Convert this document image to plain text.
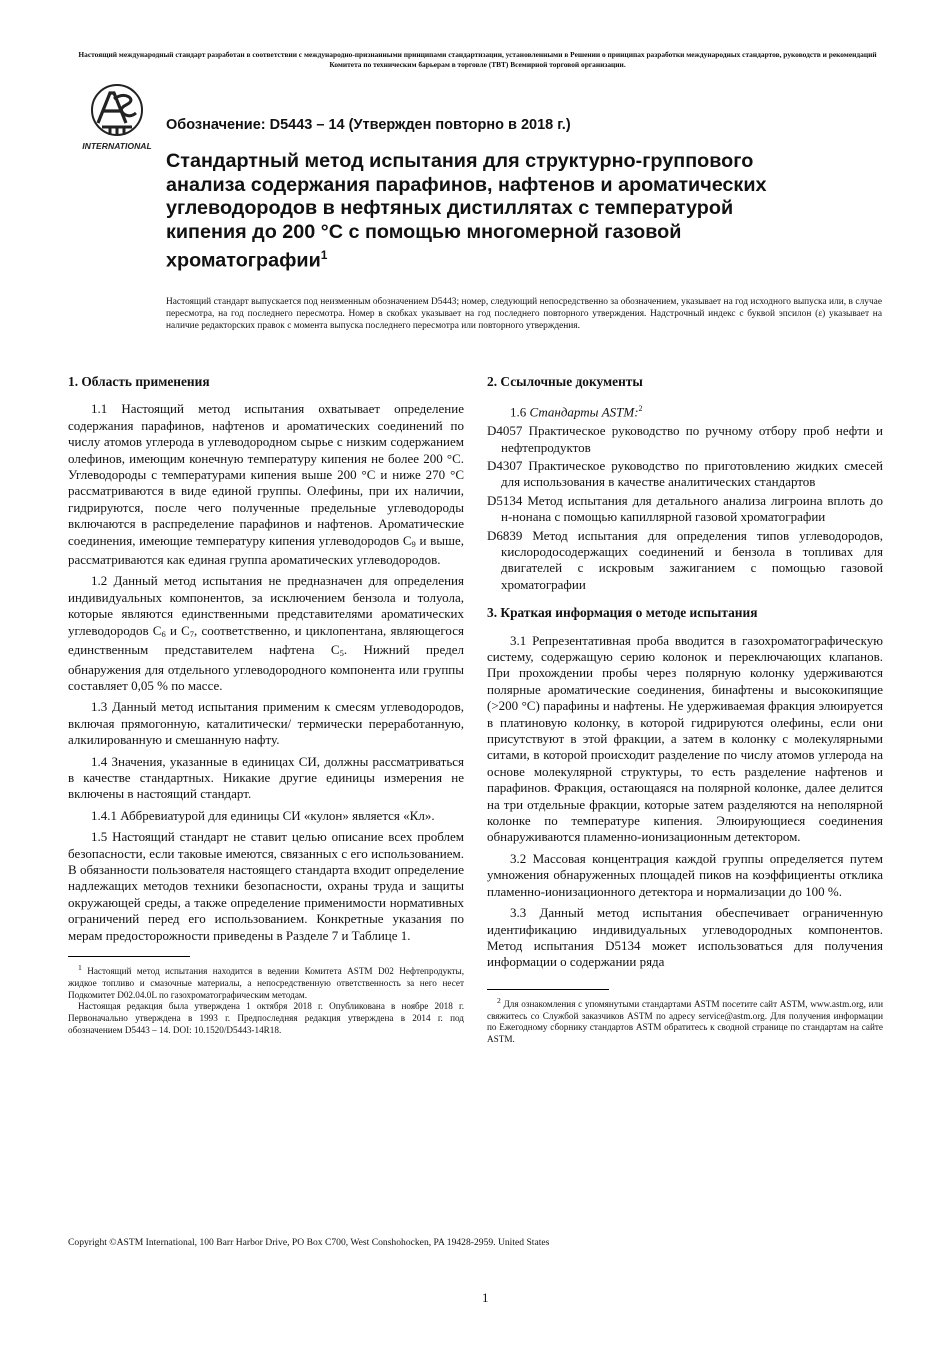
Настоящий международный стандарт разработан в соответствии с международно-признанными принципами стандартизации, установленными в Решении о принципах разработки международных стандартов, руководств и рекомендаций Комитета по техническим барьерам в торговле (ТВТ) Всемирной торговой организации.
INTERNATIONAL
Обозначение: D5443 – 14 (Утвержден повторно в 2018 г.)
Стандартный метод испытания для структурно-группового анализа содержания парафинов, нафтенов и ароматических углеводородов в нефтяных дистиллятах с температурой кипения до 200 °С с помощью многомерной газовой хроматографии$^1$
Настоящий стандарт выпускается под неизменным обозначением D5443; номер, следующий непосредственно за обозначением, указывает на год исходного выпуска или, в случае пересмотра, на год последнего пересмотра. Номер в скобках указывает на год последнего повторного утверждения. Надстрочный индекс с буквой эпсилон (ε) указывает на наличие редакторских правок с момента выпуска последнего пересмотра или повторного утверждения.
1. Область применения

1.1 Настоящий метод испытания охватывает определение содержания парафинов, нафтенов и ароматических соединений по числу атомов углерода в углеводородном сырье с низким содержанием олефинов, имеющим конечную температуру кипения не более 200 °С. Углеводороды с температурами кипения выше 200 °С и ниже 270 °С рассматриваются в виде единой группы. Олефины, при их наличии, гидрируются, после чего полученные предельные углеводороды включаются в распределение парафинов и нафтенов. Ароматические соединения, имеющие температуру кипения углеводородов $С_9$ и выше, рассматриваются как единая группа ароматических углеводородов.

1.2 Данный метод испытания не предназначен для определения индивидуальных компонентов, за исключением бензола и толуола, которые являются единственными представителями ароматических углеводородов $С_6$ и $С_7$, соответственно, и циклопентана, являющегося единственным представителем нафтена $С_5$. Нижний предел обнаружения для отдельного углеводородного компонента или группы составляет 0,05 % по массе.

1.3 Данный метод испытания применим к смесям углеводородов, включая прямогонную, каталитически/ термически переработанную, алкилированную и смешанную нафту.

1.4 Значения, указанные в единицах СИ, должны рассматриваться в качестве стандартных. Никакие другие единицы измерения не включены в настоящий стандарт.

1.4.1 Аббревиатурой для единицы СИ «кулон» является «Кл».

1.5 Настоящий стандарт не ставит целью описание всех проблем безопасности, если таковые имеются, связанных с его использованием. В обязанности пользователя настоящего стандарта входит определение надлежащих методов техники безопасности, охраны труда и защиты окружающей среды, а также определение применимости нормативных ограничений перед его использованием. Конкретные указания по мерам предосторожности приведены в Разделе 7 и Таблице 1.

$^1$ Настоящий метод испытания находится в ведении Комитета ASTM D02 Нефтепродукты, жидкое топливо и смазочные материалы, а непосредственную ответственность за него несет Подкомитет D02.04.0L по газохроматографическим методам.

Настоящая редакция была утверждена 1 октября 2018 г. Опубликована в ноябре 2018 г. Первоначально утверждена в 1993 г. Предпоследняя редакция утверждена в 2014 г. под обозначением D5443 – 14. DOI: 10.1520/D5443-14R18.

2. Ссылочные документы

1.6 Стандарты ASTM:$^2$

D4057 Практическое руководство по ручному отбору проб нефти и нефтепродуктов

D4307 Практическое руководство по приготовлению жидких смесей для использования в качестве аналитических стандартов

D5134 Метод испытания для детального анализа лигроина вплоть до н-нонана с помощью капиллярной газовой хроматографии

D6839 Метод испытания для определения типов углеводородов, кислородосодержащих соединений и бензола в топливах для двигателей с искровым зажиганием с помощью газовой хроматографии

3. Краткая информация о методе испытания

3.1 Репрезентативная проба вводится в газохроматографическую систему, содержащую серию колонок и переключающих клапанов. При прохождении пробы через полярную колонку удерживаются полярные ароматические соединения, бинафтены и высококипящие (>200 °С) парафины и нафтены. Не удерживаемая фракция элюируется в платиновую колонку, в которой гидрируются олефины, если они присутствуют в этой фракции, а затем в колонку с молекулярными ситами, в которой происходит разделение по числу атомов углерода на основе молекулярной структуры, то есть разделение нафтенов и парафинов. Фракция, остающаяся на полярной колонке, далее делится на три отдельные фракции, которые затем разделяются на неполярной колонке по температуре кипения. Элюирующиеся соединения обнаруживаются пламенно-ионизационным детектором.

3.2 Массовая концентрация каждой группы определяется путем умножения обнаруженных площадей пиков на коэффициенты отклика пламенно-ионизационного детектора и нормализации до 100 %.

3.3 Данный метод испытания обеспечивает ограниченную идентификацию индивидуальных углеводородных компонентов. Метод испытания D5134 может использоваться для получения информации о содержании ряда

$^2$ Для ознакомления с упомянутыми стандартами ASTM посетите сайт ASTM, www.astm.org, или свяжитесь со Службой заказчиков ASTM по адресу service@astm.org. Для получения информации по Ежегодному сборнику стандартов ASTM обратитесь к сводной странице по стандартам на сайте ASTM.

Copyright ©ASTM International, 100 Barr Harbor Drive, PO Box C700, West Conshohocken, PA 19428-2959. United States
1
